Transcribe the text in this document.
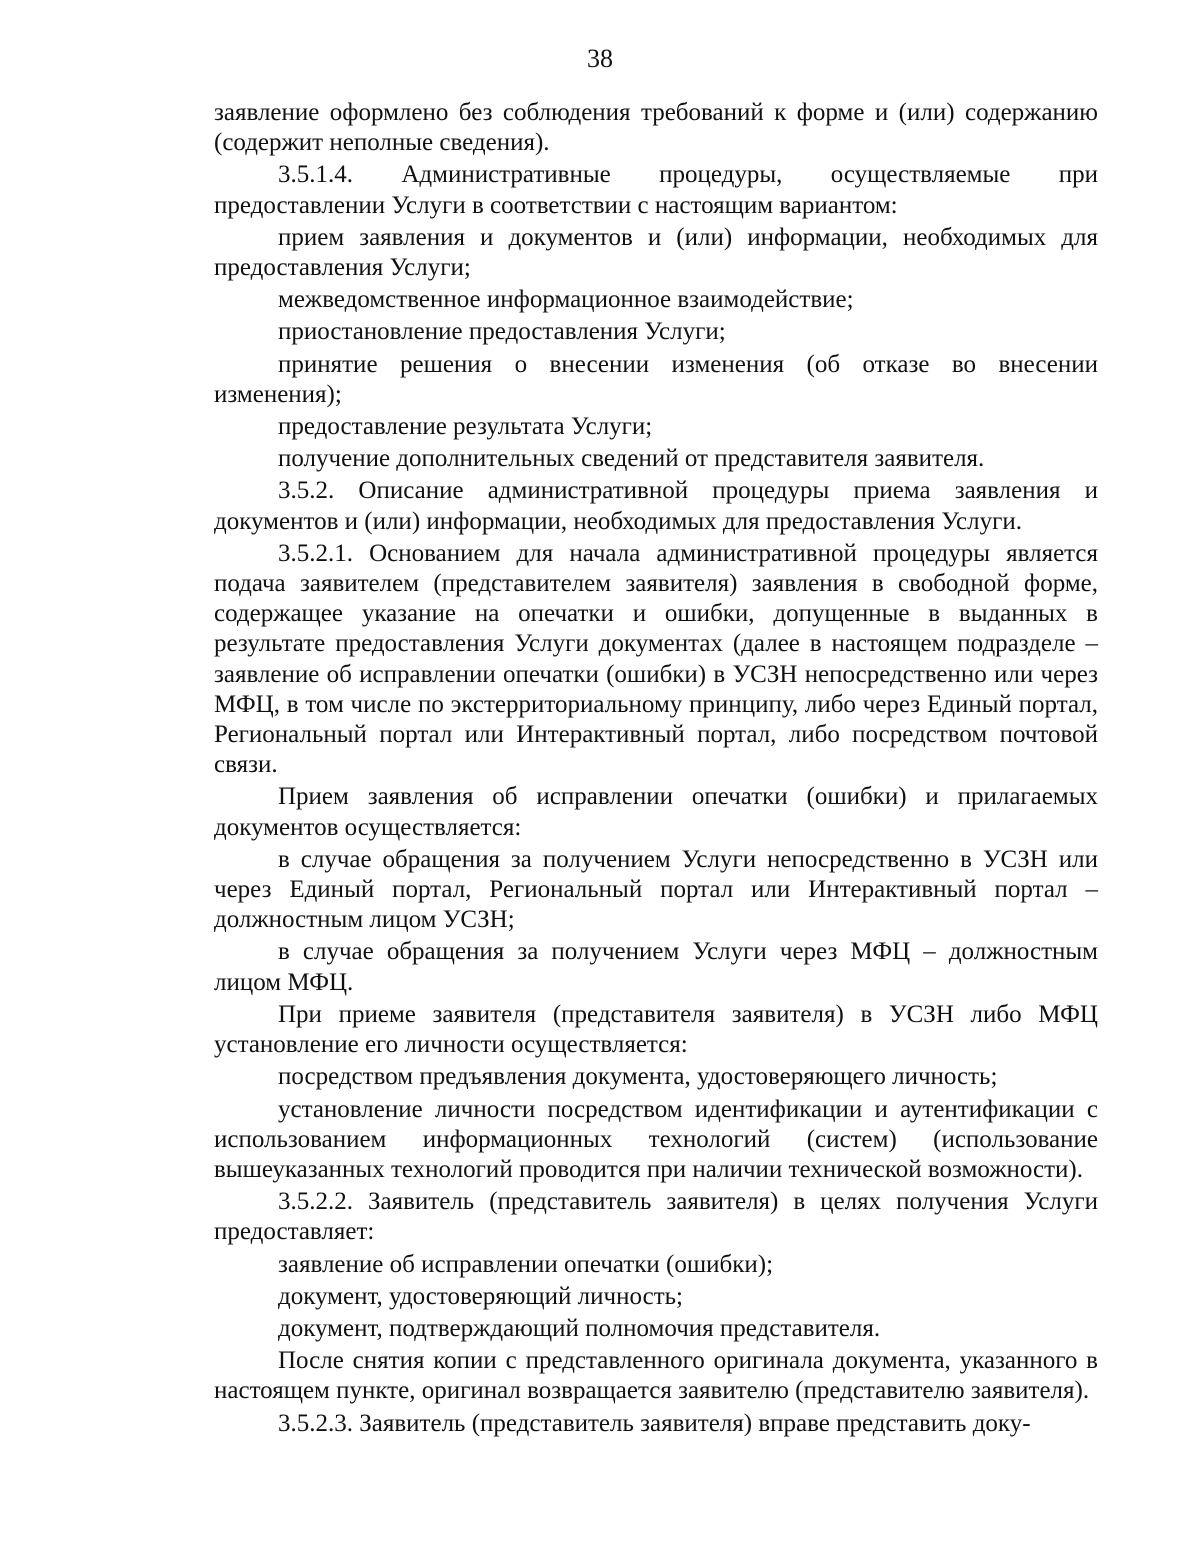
38

заявление оформлено без соблюдения требований к форме и (или) содержанию (содержит неполные сведения).

3.5.1.4. Административные процедуры, осуществляемые при предоставлении Услуги в соответствии с настоящим вариантом:

прием заявления и документов и (или) информации, необходимых для предоставления Услуги;

межведомственное информационное взаимодействие;

приостановление предоставления Услуги;

принятие решения о внесении изменения (об отказе во внесении изменения);

предоставление результата Услуги;

получение дополнительных сведений от представителя заявителя.

3.5.2. Описание административной процедуры приема заявления и документов и (или) информации, необходимых для предоставления Услуги.

3.5.2.1. Основанием для начала административной процедуры является подача заявителем (представителем заявителя) заявления в свободной форме, содержащее указание на опечатки и ошибки, допущенные в выданных в результате предоставления Услуги документах (далее в настоящем подразделе – заявление об исправлении опечатки (ошибки) в УСЗН непосредственно или через МФЦ, в том числе по экстерриториальному принципу, либо через Единый портал, Региональный портал или Интерактивный портал, либо посредством почтовой связи.

Прием заявления об исправлении опечатки (ошибки) и прилагаемых документов осуществляется:

в случае обращения за получением Услуги непосредственно в УСЗН или через Единый портал, Региональный портал или Интерактивный портал – должностным лицом УСЗН;

в случае обращения за получением Услуги через МФЦ – должностным лицом МФЦ.

При приеме заявителя (представителя заявителя) в УСЗН либо МФЦ установление его личности осуществляется:

посредством предъявления документа, удостоверяющего личность;

установление личности посредством идентификации и аутентификации с использованием информационных технологий (систем) (использование вышеуказанных технологий проводится при наличии технической возможности).

3.5.2.2. Заявитель (представитель заявителя) в целях получения Услуги предоставляет:

заявление об исправлении опечатки (ошибки);

документ, удостоверяющий личность;

документ, подтверждающий полномочия представителя.

После снятия копии с представленного оригинала документа, указанного в настоящем пункте, оригинал возвращается заявителю (представителю заявителя).

3.5.2.3. Заявитель (представитель заявителя) вправе представить доку-
